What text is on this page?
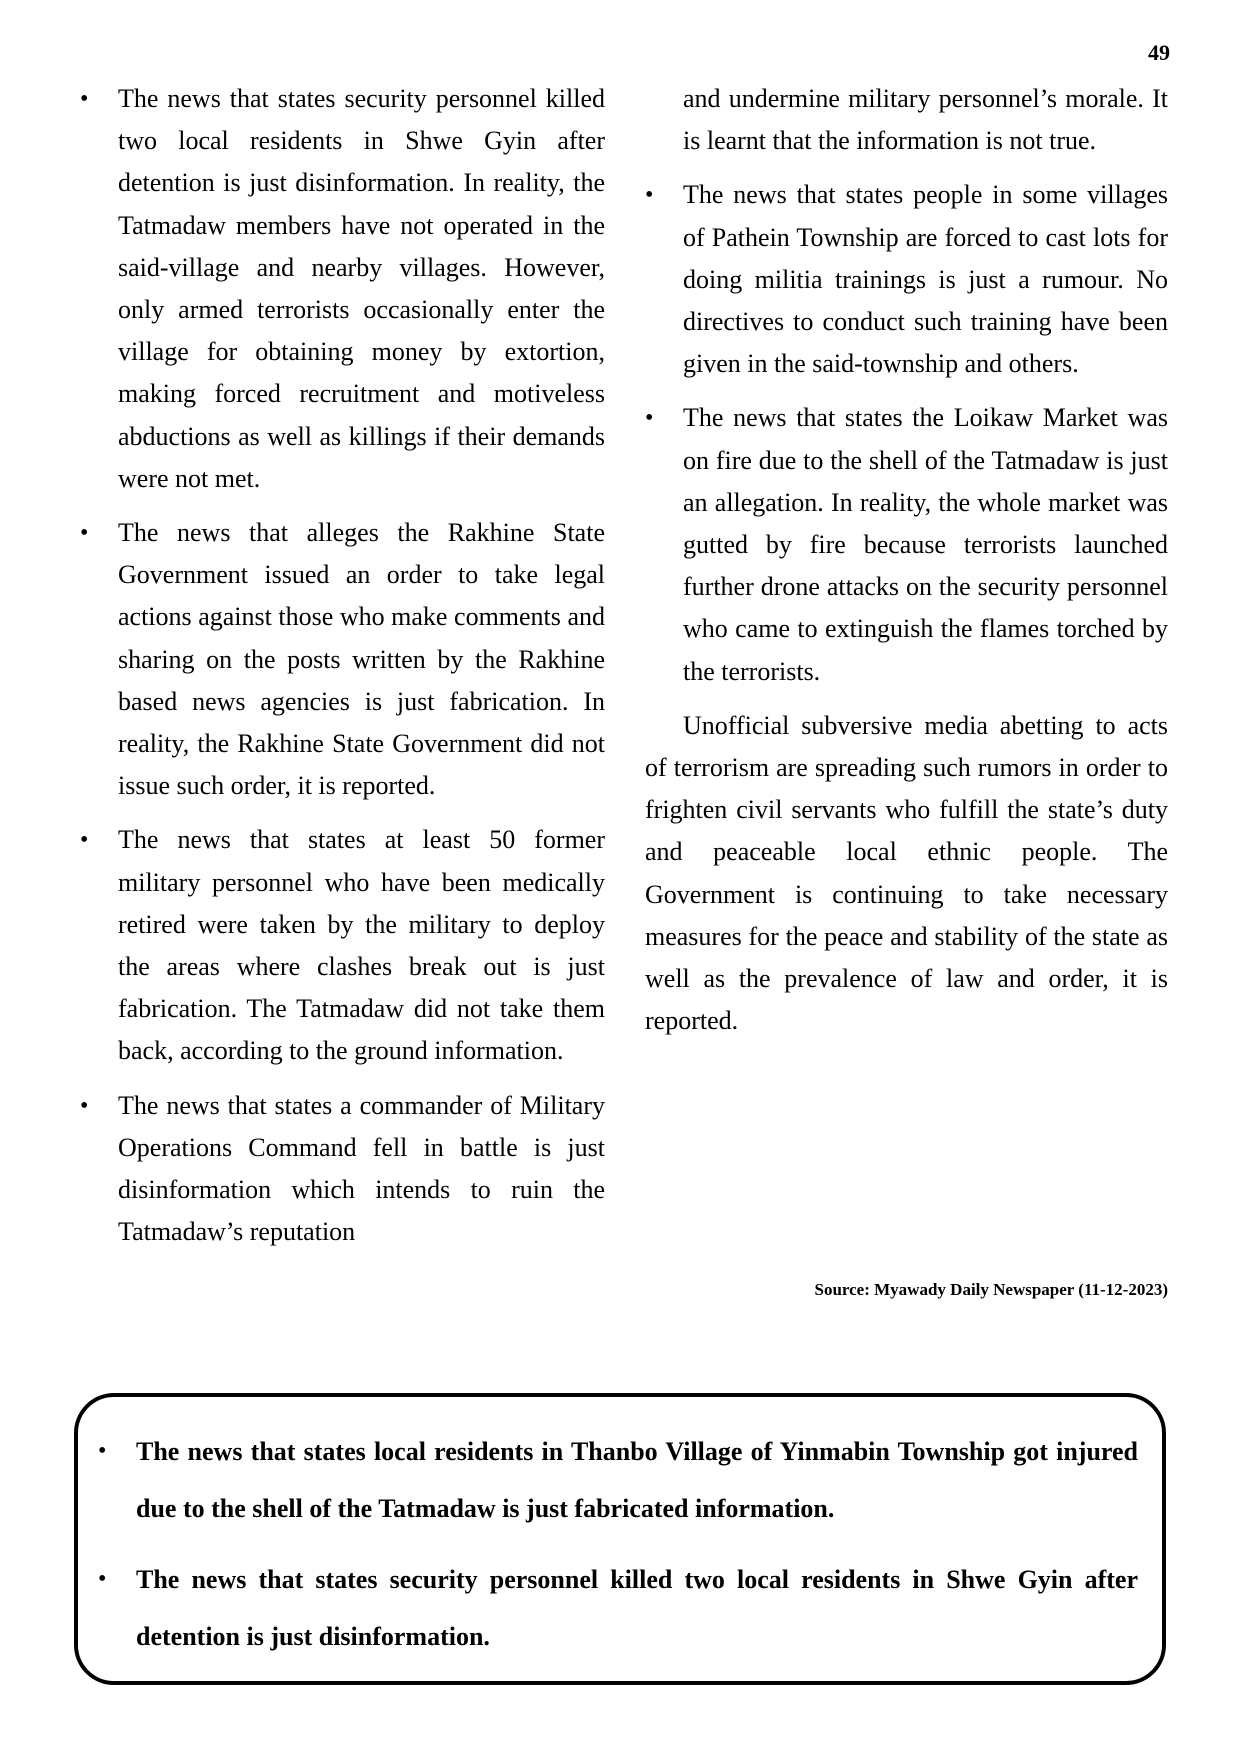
49
• The news that states security personnel killed two local residents in Shwe Gyin after detention is just disinformation. In reality, the Tatmadaw members have not operated in the said-village and nearby villages. However, only armed terrorists occasionally enter the village for obtaining money by extortion, making forced recruitment and motiveless abductions as well as killings if their demands were not met.
• The news that alleges the Rakhine State Government issued an order to take legal actions against those who make comments and sharing on the posts written by the Rakhine based news agencies is just fabrication. In reality, the Rakhine State Government did not issue such order, it is reported.
• The news that states at least 50 former military personnel who have been medically retired were taken by the military to deploy the areas where clashes break out is just fabrication. The Tatmadaw did not take them back, according to the ground information.
• The news that states a commander of Military Operations Command fell in battle is just disinformation which intends to ruin the Tatmadaw’s reputation

and undermine military personnel’s morale. It is learnt that the information is not true.

• The news that states people in some villages of Pathein Township are forced to cast lots for doing militia trainings is just a rumour. No directives to conduct such training have been given in the said-township and others.
• The news that states the Loikaw Market was on fire due to the shell of the Tatmadaw is just an allegation. In reality, the whole market was gutted by fire because terrorists launched further drone attacks on the security personnel who came to extinguish the flames torched by the terrorists.

Unofficial subversive media abetting to acts of terrorism are spreading such rumors in order to frighten civil servants who fulfill the state’s duty and peaceable local ethnic people. The Government is continuing to take necessary measures for the peace and stability of the state as well as the prevalence of law and order, it is reported.

Source: Myawady Daily Newspaper (11-12-2023)
• The news that states local residents in Thanbo Village of Yinmabin Township got injured due to the shell of the Tatmadaw is just fabricated information.
• The news that states security personnel killed two local residents in Shwe Gyin after detention is just disinformation.
